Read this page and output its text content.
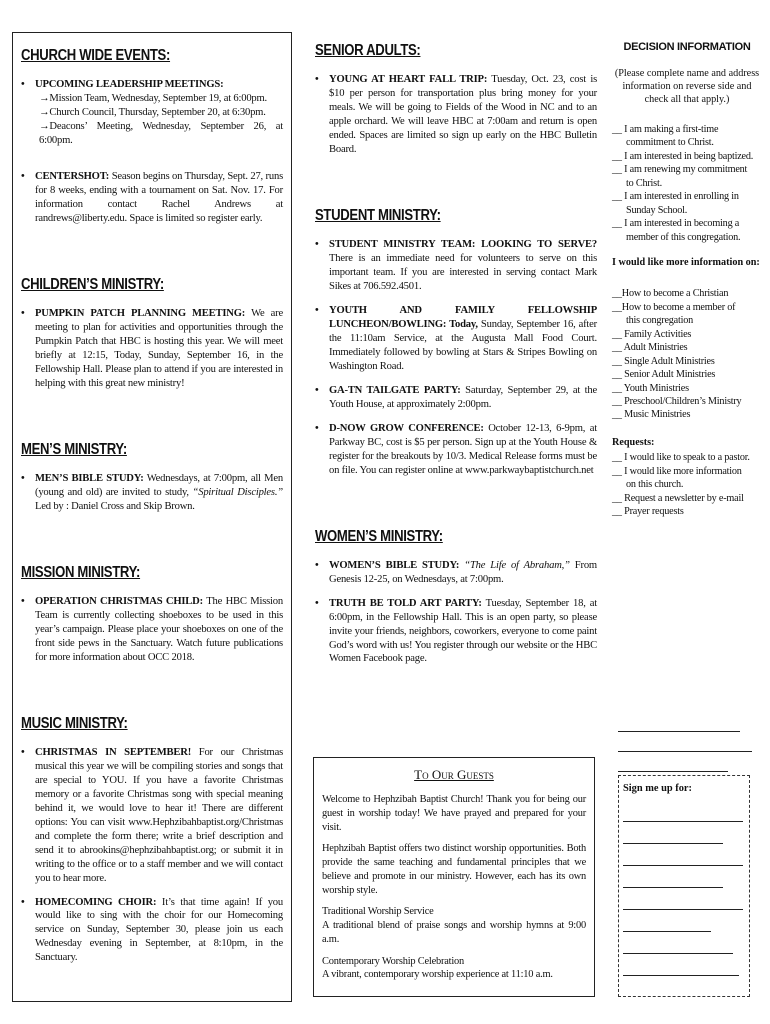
CHURCH WIDE EVENTS:
• UPCOMING LEADERSHIP MEETINGS:
→Mission Team, Wednesday, September 19, at 6:00pm.
→Church Council, Thursday, September 20, at 6:30pm.
→Deacons’ Meeting, Wednesday, September 26, at 6:00pm.
• CENTERSHOT: Season begins on Thursday, Sept. 27, runs for 8 weeks, ending with a tournament on Sat. Nov. 17. For information contact Rachel Andrews at randrews@liberty.edu. Space is limited so register early.
CHILDREN’S MINISTRY:
• PUMPKIN PATCH PLANNING MEETING: We are meeting to plan for activities and opportunities through the Pumpkin Patch that HBC is hosting this year. We will meet briefly at 12:15, Today, Sunday, September 16, in the Fellowship Hall. Please plan to attend if you are interested in helping with this great new ministry!
MEN’S MINISTRY:
• MEN’S BIBLE STUDY: Wednesdays, at 7:00pm, all Men (young and old) are invited to study, “Spiritual Disciples.” Led by : Daniel Cross and Skip Brown.
MISSION MINISTRY:
• OPERATION CHRISTMAS CHILD: The HBC Mission Team is currently collecting shoeboxes to be used in this year’s campaign. Please place your shoeboxes on one of the front side pews in the Sanctuary. Watch future publications for more information about OCC 2018.
MUSIC MINISTRY:
• CHRISTMAS IN SEPTEMBER! For our Christmas musical this year we will be compiling stories and songs that are special to YOU. If you have a favorite Christmas memory or a favorite Christmas song with special meaning behind it, we would love to hear it! There are different options: You can visit www.Hephzibahbaptist.org/Christmas and complete the form there; write a brief description and send it to abrookins@hephzibahbaptist.org; or submit it in writing to the office or to a staff member and we will contact you to hear more.
• HOMECOMING CHOIR: It’s that time again! If you would like to sing with the choir for our Homecoming service on Sunday, September 30, please join us each Wednesday evening in September, at 8:10pm, in the Sanctuary.
SENIOR ADULTS:
• YOUNG AT HEART FALL TRIP: Tuesday, Oct. 23, cost is $10 per person for transportation plus bring money for your meals. We will be going to Fields of the Wood in NC and to an apple orchard. We will leave HBC at 7:00am and return is open ended. Spaces are limited so sign up early on the HBC Bulletin Board.
STUDENT MINISTRY:
• STUDENT MINISTRY TEAM: LOOKING TO SERVE? There is an immediate need for volunteers to serve on this important team. If you are interested in serving contact Mark Sikes at 706.592.4501.
• YOUTH AND FAMILY FELLOWSHIP LUNCHEON/BOWLING: Today, Sunday, September 16, after the 11:10am Service, at the Augusta Mall Food Court. Immediately followed by bowling at Stars & Stripes Bowling on Washington Road.
• GA-TN TAILGATE PARTY: Saturday, September 29, at the Youth House, at approximately 2:00pm.
• D-NOW GROW CONFERENCE: October 12-13, 6-9pm, at Parkway BC, cost is $5 per person. Sign up at the Youth House & register for the breakouts by 10/3. Medical Release forms must be on file. You can register online at www.parkwaybaptistchurch.net
WOMEN’S MINISTRY:
• WOMEN’S BIBLE STUDY: “The Life of Abraham,” From Genesis 12-25, on Wednesdays, at 7:00pm.
• TRUTH BE TOLD ART PARTY: Tuesday, September 18, at 6:00pm, in the Fellowship Hall. This is an open party, so please invite your friends, neighbors, coworkers, everyone to come paint God’s word with us! You register through our website or the HBC Women Facebook page.
To Our Guests

Welcome to Hephzibah Baptist Church! Thank you for being our guest in worship today! We have prayed and prepared for your visit.

Hephzibah Baptist offers two distinct worship opportunities. Both provide the same teaching and fundamental principles that we believe and promote in our ministry. However, each has its own worship style.

Traditional Worship Service
A traditional blend of praise songs and worship hymns at 9:00 a.m.

Contemporary Worship Celebration
A vibrant, contemporary worship experience at 11:10 a.m.

DECISION INFORMATION
(Please complete name and address information on reverse side and check all that apply.)
__ I am making a first-time
commitment to Christ.
__ I am interested in being baptized.
__ I am renewing my commitment
to Christ.
__ I am interested in enrolling in
Sunday School.
__ I am interested in becoming a
member of this congregation.
I would like more information on:
__How to become a Christian
__How to become a member of
this congregation
__ Family Activities
__ Adult Ministries
__ Single Adult Ministries
__ Senior Adult Ministries
__ Youth Ministries
__ Preschool/Children’s Ministry
__ Music Ministries
Requests:
__ I would like to speak to a pastor.
__ I would like more information
on this church.
__ Request a newsletter by e-mail
__ Prayer requests
Sign me up for:
